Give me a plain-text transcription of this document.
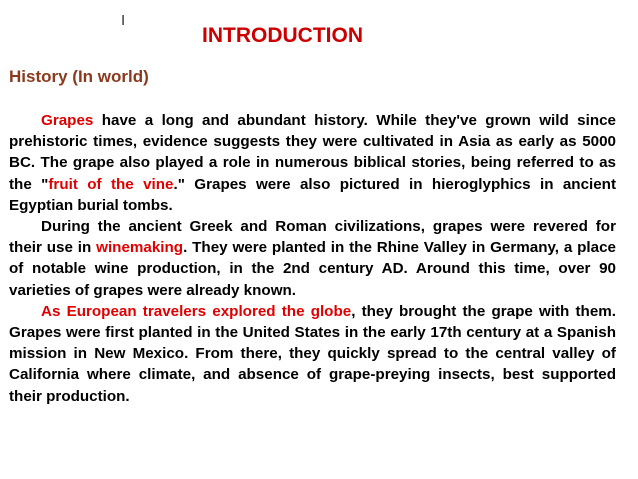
I
INTRODUCTION
History (In world)

Grapes have a long and abundant history. While they've grown wild since prehistoric times, evidence suggests they were cultivated in Asia as early as 5000 BC. The grape also played a role in numerous biblical stories, being referred to as the "fruit of the vine." Grapes were also pictured in hieroglyphics in ancient Egyptian burial tombs.

During the ancient Greek and Roman civilizations, grapes were revered for their use in winemaking. They were planted in the Rhine Valley in Germany, a place of notable wine production, in the 2nd century AD. Around this time, over 90 varieties of grapes were already known.

As European travelers explored the globe, they brought the grape with them. Grapes were first planted in the United States in the early 17th century at a Spanish mission in New Mexico. From there, they quickly spread to the central valley of California where climate, and absence of grape-preying insects, best supported their production.
